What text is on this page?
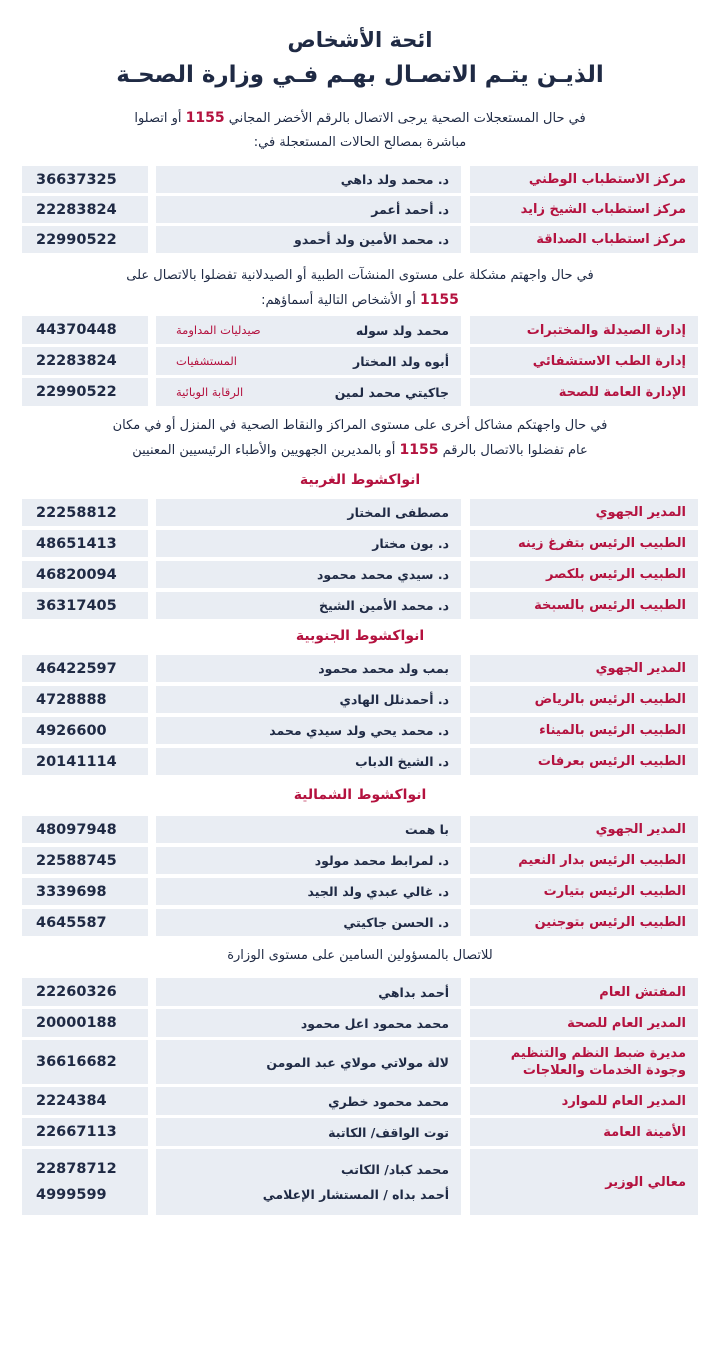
ائحة الأشخاص
الذيـن يتـم الاتصـال بهـم فـي وزارة الصحـة
في حال المستعجلات الصحية يرجى الاتصال بالرقم الأخضر المجاني 1155 أو اتصلوا
مباشرة بمصالح الحالات المستعجلة في:
مركز الاستطباب الوطني
د. محمد ولد داهي
36637325
مركز استطباب الشيخ زايد
د. أحمد أعمر
22283824
مركز استطباب الصداقة
د. محمد الأمين ولد أحمدو
22990522
في حال واجهتم مشكلة على مستوى المنشآت الطبية أو الصيدلانية تفضلوا بالاتصال على
1155 أو الأشخاص التالية أسماؤهم:
إدارة الصيدلة والمختبرات
محمد ولد سوله
صيدليات المداومة
44370448
إدارة الطب الاستشفائي
أبوه ولد المختار
المستشفيات
22283824
الإدارة العامة للصحة
جاكيتي محمد لمين
الرقابة الوبائية
22990522
في حال واجهتكم مشاكل أخرى على مستوى المراكز والنقاط الصحية في المنزل أو في مكان
عام تفضلوا بالاتصال بالرقم 1155 أو بالمديرين الجهويين والأطباء الرئيسيين المعنيين
انواكشوط الغربية
المدير الجهوي
مصطفى المختار
22258812
الطبيب الرئيس بتفرغ زينه
د. بون مختار
48651413
الطبيب الرئيس بلكصر
د. سيدي محمد محمود
46820094
الطبيب الرئيس بالسبخة
د. محمد الأمين الشيخ
36317405
انواكشوط الجنوبية
المدير الجهوي
بمب ولد محمد محمود
46422597
الطبيب الرئيس بالرياض
د. أحمدنلل الهادي
4728888
الطبيب الرئيس بالميناء
د. محمد يحي ولد سيدي محمد
4926600
الطبيب الرئيس بعرفات
د. الشيخ الدباب
20141114
انواكشوط الشمالية
المدير الجهوي
با همت
48097948
الطبيب الرئيس بدار النعيم
د. لمرابط محمد مولود
22588745
الطبيب الرئيس بتيارت
د. غالي عبدي ولد الجيد
3339698
الطبيب الرئيس بتوجنين
د. الحسن جاكيتي
4645587
للاتصال بالمسؤولين السامين على مستوى الوزارة
المفتش العام
أحمد بداهي
22260326
المدير العام للصحة
محمد محمود اعل محمود
20000188
مديرة ضبط النظم والتنظيم وجودة الخدمات والعلاجات
لالة مولاتي مولاي عبد المومن
36616682
المدير العام للموارد
محمد محمود خطري
2224384
الأمينة العامة
توت الواقف/ الكاتبة
22667113
معالي الوزير
محمد كباد/ الكاتب
أحمد بداه / المستشار الإعلامي
22878712
4999599
